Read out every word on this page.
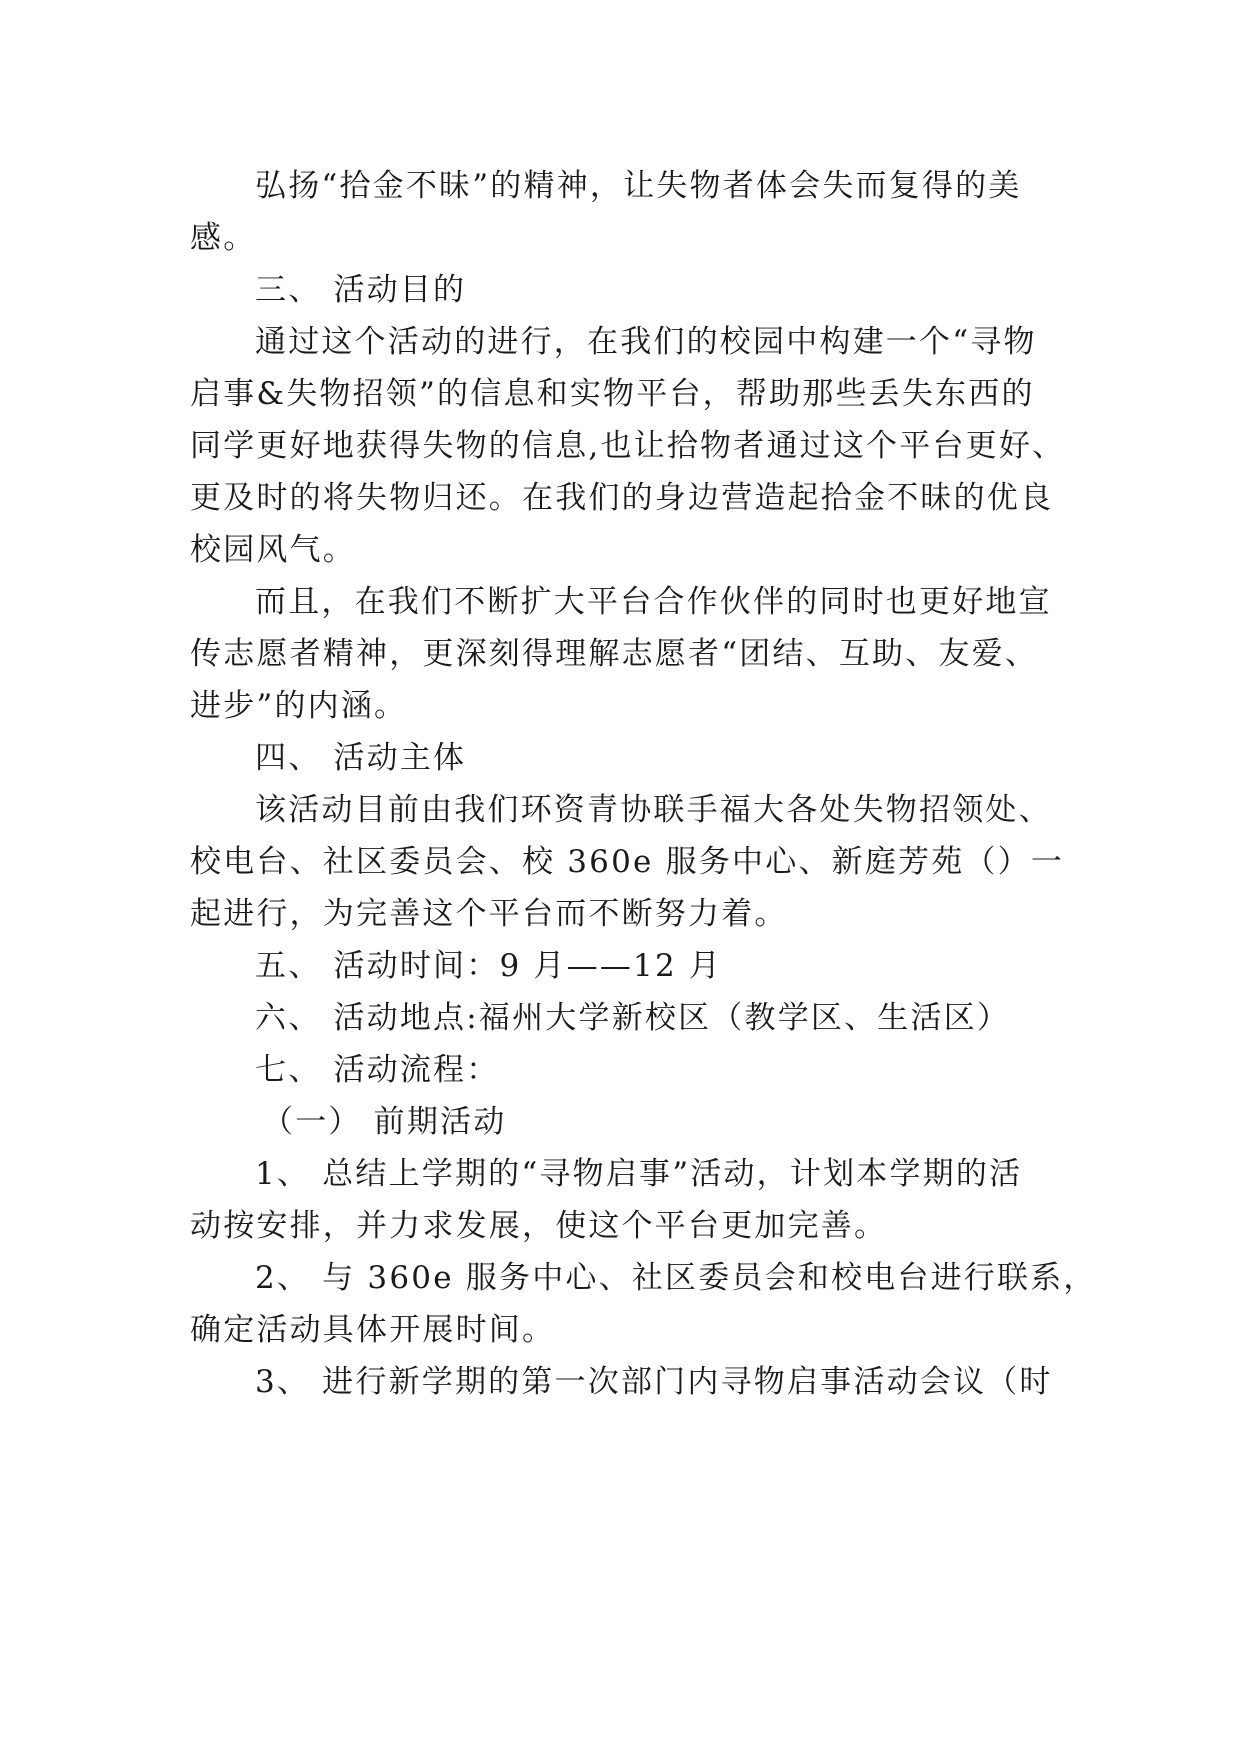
弘扬“拾金不昧”的精神，让失物者体会失而复得的美
感。
三、 活动目的
通过这个活动的进行，在我们的校园中构建一个“寻物
启事&失物招领”的信息和实物平台，帮助那些丢失东西的
同学更好地获得失物的信息,也让拾物者通过这个平台更好、
更及时的将失物归还。在我们的身边营造起拾金不昧的优良
校园风气。
而且，在我们不断扩大平台合作伙伴的同时也更好地宣
传志愿者精神，更深刻得理解志愿者“团结、互助、友爱、
进步”的内涵。
四、 活动主体
该活动目前由我们环资青协联手福大各处失物招领处、
校电台、社区委员会、校 360e 服务中心、新庭芳苑（）一
起进行，为完善这个平台而不断努力着。
五、 活动时间：9 月——12 月
六、 活动地点:福州大学新校区（教学区、生活区）
七、 活动流程：
（一） 前期活动
1、 总结上学期的“寻物启事”活动，计划本学期的活
动按安排，并力求发展，使这个平台更加完善。
2、 与 360e 服务中心、社区委员会和校电台进行联系，
确定活动具体开展时间。
3、 进行新学期的第一次部门内寻物启事活动会议（时
